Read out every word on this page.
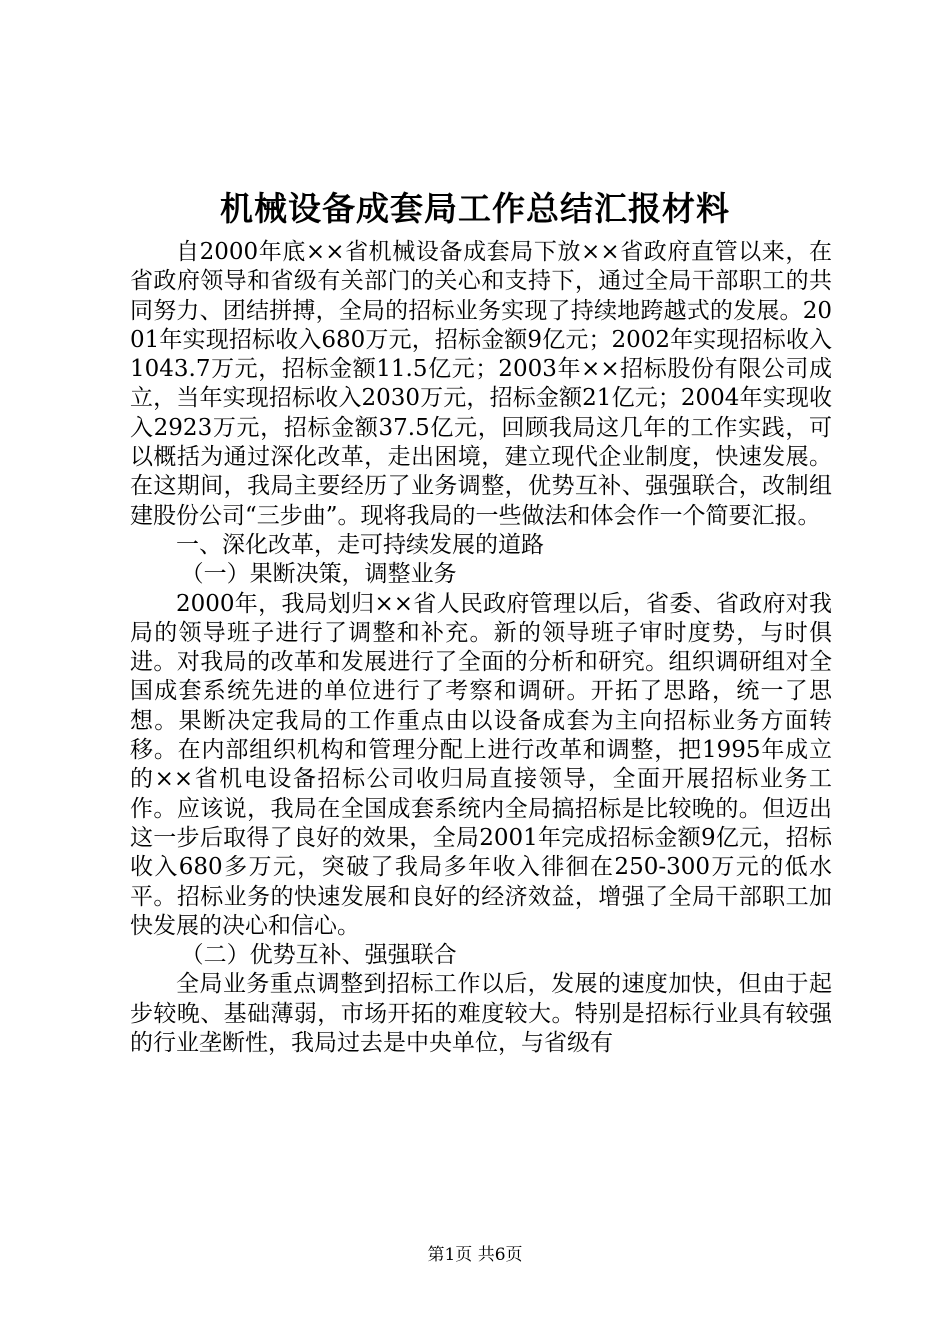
机械设备成套局工作总结汇报材料

自2000年底××省机械设备成套局下放××省政府直管以来，在省政府领导和省级有关部门的关心和支持下，通过全局干部职工的共同努力、团结拼搏，全局的招标业务实现了持续地跨越式的发展。2001年实现招标收入680万元，招标金额9亿元；2002年实现招标收入1043.7万元，招标金额11.5亿元；2003年××招标股份有限公司成立，当年实现招标收入2030万元，招标金额21亿元；2004年实现收入2923万元，招标金额37.5亿元，回顾我局这几年的工作实践，可以概括为通过深化改革，走出困境，建立现代企业制度，快速发展。在这期间，我局主要经历了业务调整，优势互补、强强联合，改制组建股份公司“三步曲”。现将我局的一些做法和体会作一个简要汇报。

一、深化改革，走可持续发展的道路

（一）果断决策，调整业务

2000年，我局划归××省人民政府管理以后，省委、省政府对我局的领导班子进行了调整和补充。新的领导班子审时度势，与时俱进。对我局的改革和发展进行了全面的分析和研究。组织调研组对全国成套系统先进的单位进行了考察和调研。开拓了思路，统一了思想。果断决定我局的工作重点由以设备成套为主向招标业务方面转移。在内部组织机构和管理分配上进行改革和调整，把1995年成立的××省机电设备招标公司收归局直接领导，全面开展招标业务工作。应该说，我局在全国成套系统内全局搞招标是比较晚的。但迈出这一步后取得了良好的效果，全局2001年完成招标金额9亿元，招标收入680多万元，突破了我局多年收入徘徊在250-300万元的低水平。招标业务的快速发展和良好的经济效益，增强了全局干部职工加快发展的决心和信心。

（二）优势互补、强强联合

全局业务重点调整到招标工作以后，发展的速度加快，但由于起步较晚、基础薄弱，市场开拓的难度较大。特别是招标行业具有较强的行业垄断性，我局过去是中央单位，与省级有

第1页 共6页
